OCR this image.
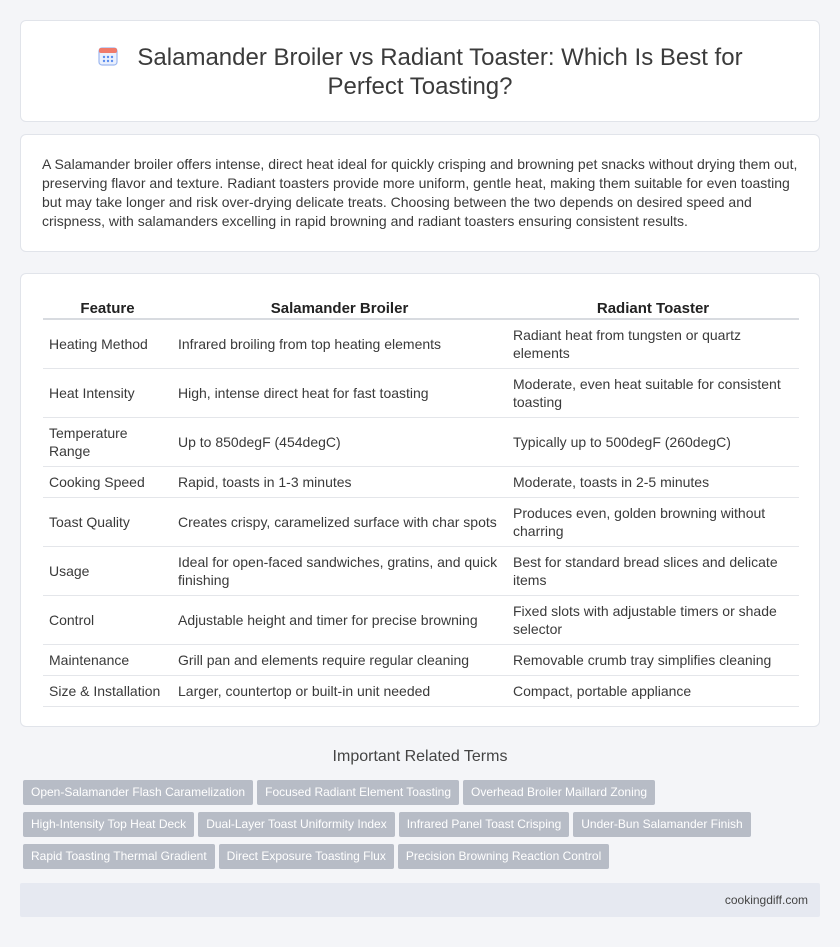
Salamander Broiler vs Radiant Toaster: Which Is Best for Perfect Toasting?
A Salamander broiler offers intense, direct heat ideal for quickly crisping and browning pet snacks without drying them out, preserving flavor and texture. Radiant toasters provide more uniform, gentle heat, making them suitable for even toasting but may take longer and risk over-drying delicate treats. Choosing between the two depends on desired speed and crispness, with salamanders excelling in rapid browning and radiant toasters ensuring consistent results.
Feature	Salamander Broiler	Radiant Toaster
Heating Method	Infrared broiling from top heating elements	Radiant heat from tungsten or quartz elements
Heat Intensity	High, intense direct heat for fast toasting	Moderate, even heat suitable for consistent toasting
Temperature Range	Up to 850degF (454degC)	Typically up to 500degF (260degC)
Cooking Speed	Rapid, toasts in 1-3 minutes	Moderate, toasts in 2-5 minutes
Toast Quality	Creates crispy, caramelized surface with char spots	Produces even, golden browning without charring
Usage	Ideal for open-faced sandwiches, gratins, and quick finishing	Best for standard bread slices and delicate items
Control	Adjustable height and timer for precise browning	Fixed slots with adjustable timers or shade selector
Maintenance	Grill pan and elements require regular cleaning	Removable crumb tray simplifies cleaning
Size & Installation	Larger, countertop or built-in unit needed	Compact, portable appliance
Important Related Terms
Open-Salamander Flash Caramelization Focused Radiant Element Toasting Overhead Broiler Maillard Zoning
High-Intensity Top Heat Deck Dual-Layer Toast Uniformity Index Infrared Panel Toast Crisping Under-Bun Salamander Finish
Rapid Toasting Thermal Gradient Direct Exposure Toasting Flux Precision Browning Reaction Control
cookingdiff.com
